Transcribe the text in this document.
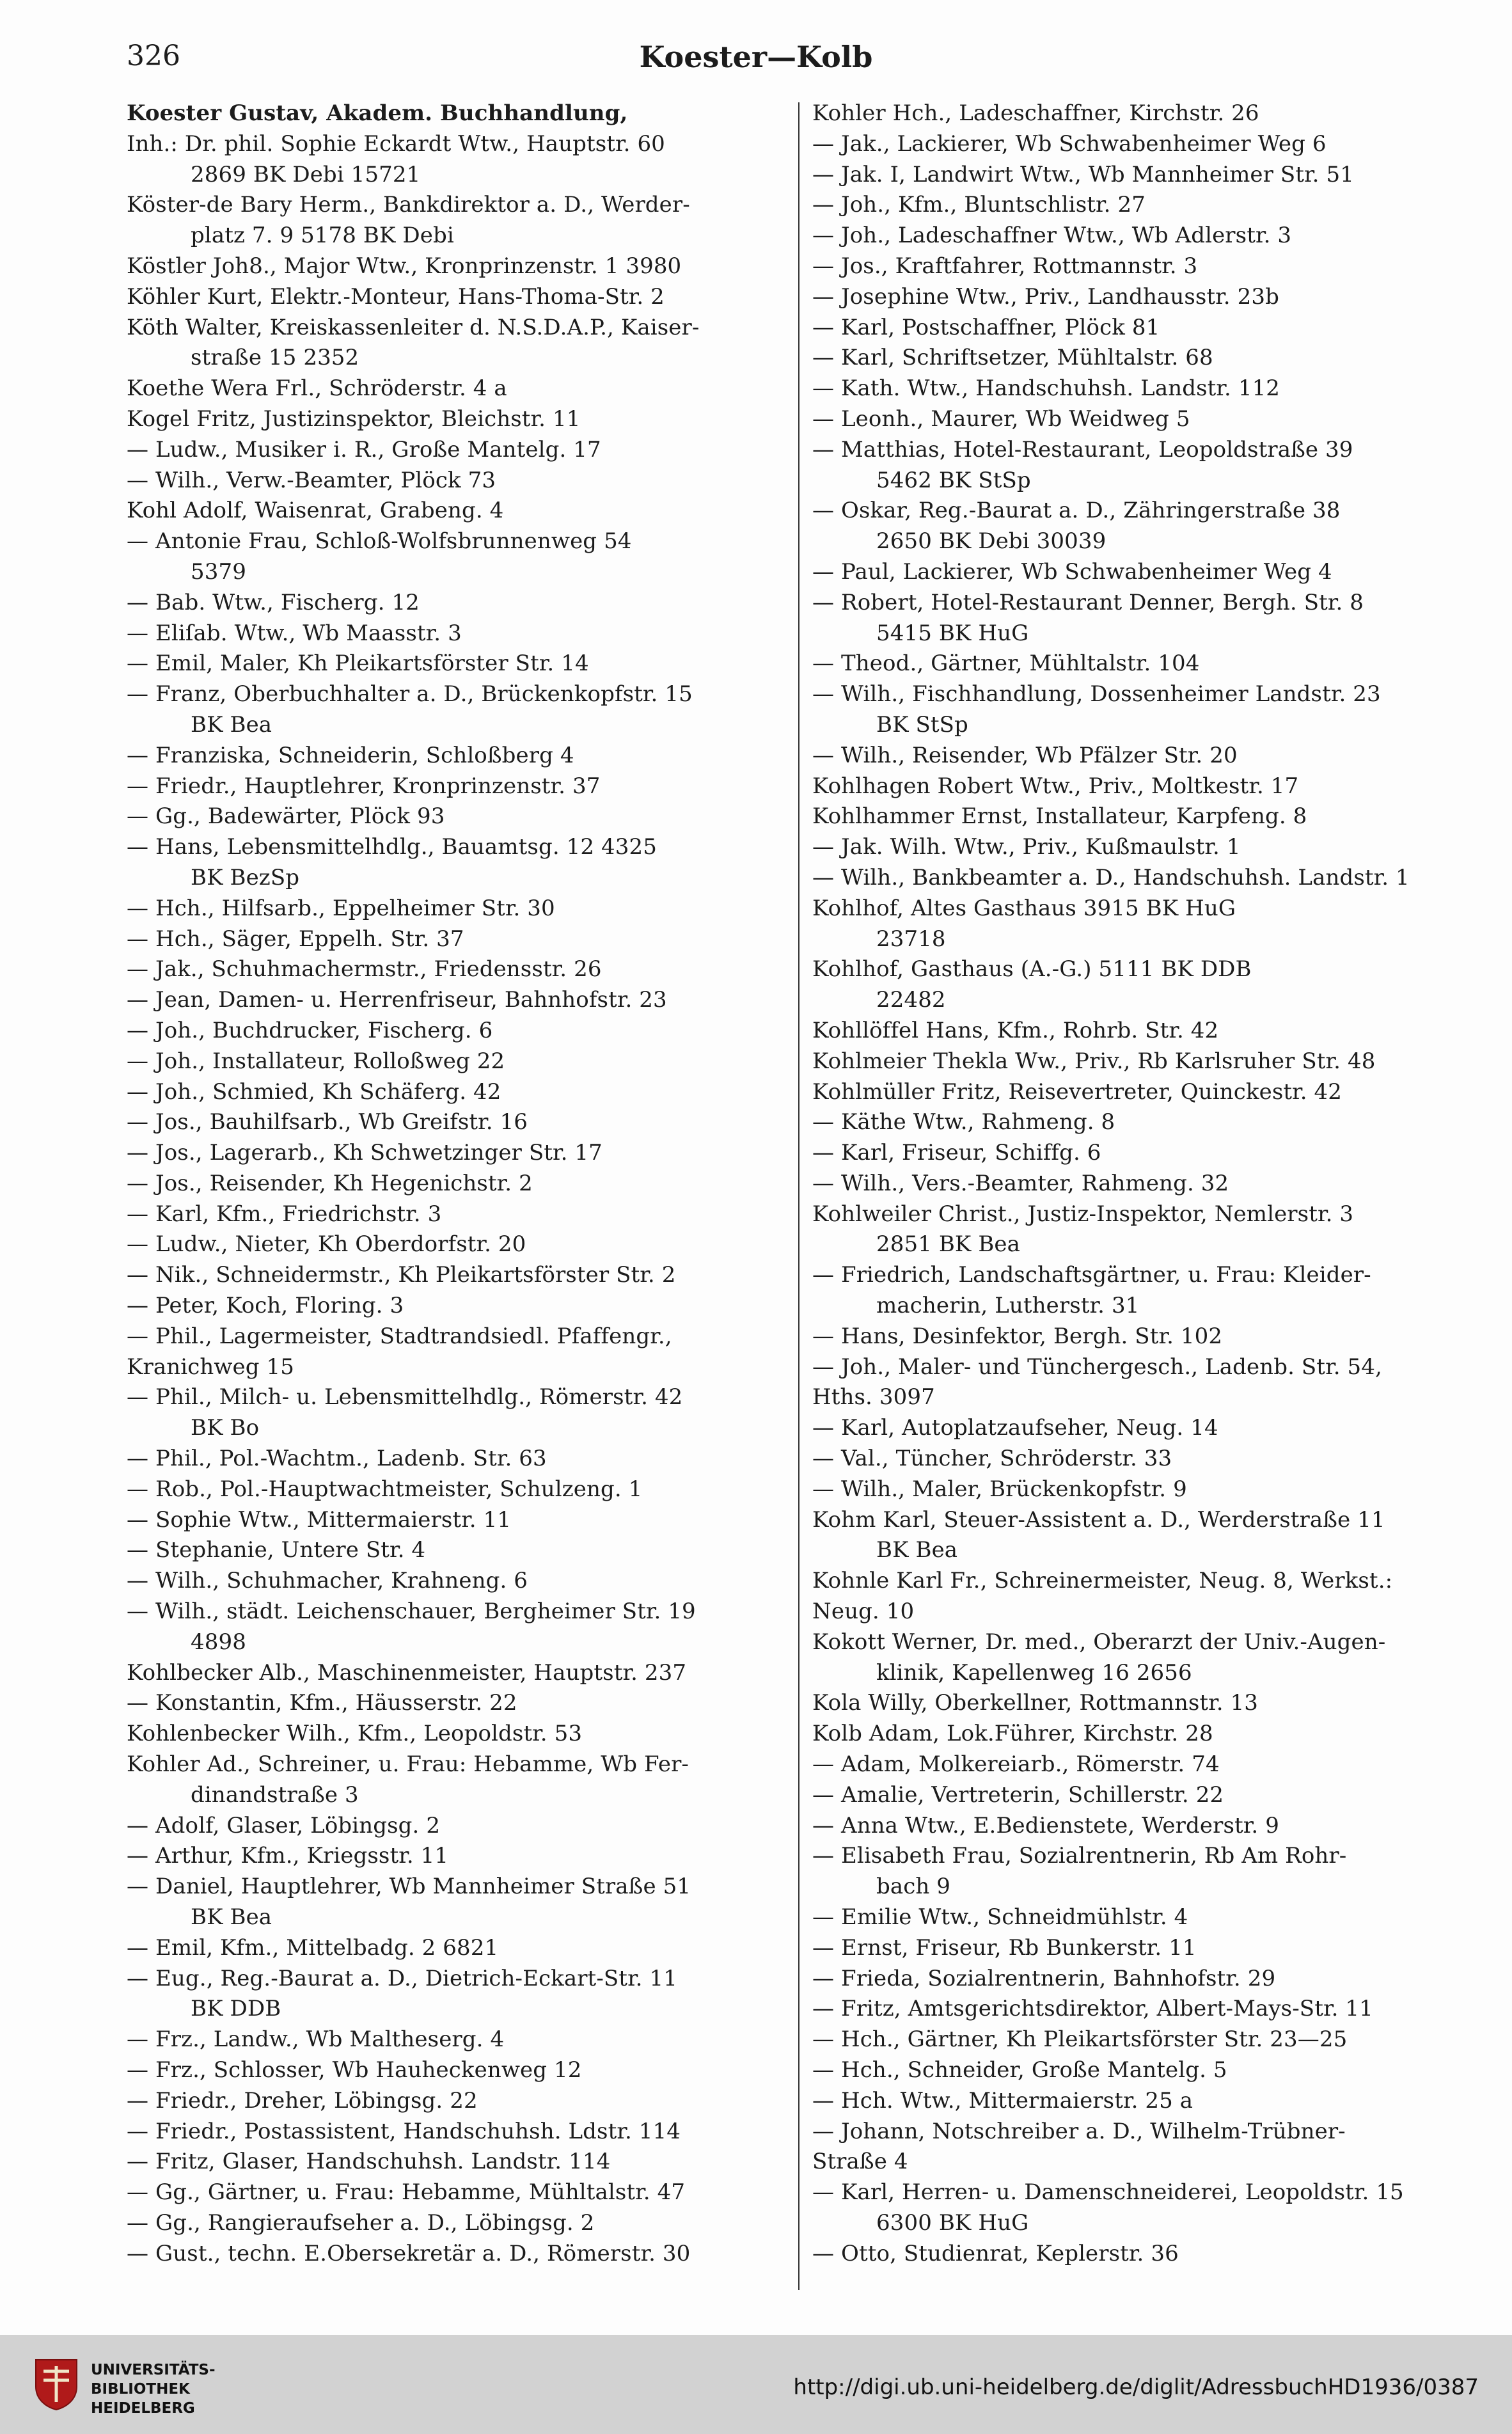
326	Koester—Kolb
Koester Gustav, Akadem. Buchhandlung,
Inh.: Dr. phil. Sophie Eckardt Wtw., Hauptstr. 60
2869 BK Debi 15721
Köster-de Bary Herm., Bankdirektor a. D., Werder-
platz 7. 9 5178 BK Debi
Köstler Joh8., Major Wtw., Kronprinzenstr. 1 3980
Köhler Kurt, Elektr.-Monteur, Hans-Thoma-Str. 2
Köth Walter, Kreiskassenleiter d. N.S.D.A.P., Kaiser-
straße 15 2352
Koethe Wera Frl., Schröderstr. 4 a
Kogel Fritz, Justizinspektor, Bleichstr. 11
— Ludw., Musiker i. R., Große Mantelg. 17
— Wilh., Verw.-Beamter, Plöck 73
Kohl Adolf, Waisenrat, Grabeng. 4
— Antonie Frau, Schloß-Wolfsbrunnenweg 54
5379
— Bab. Wtw., Fischerg. 12
— Eliſab. Wtw., Wb Maasstr. 3
— Emil, Maler, Kh Pleikartsförster Str. 14
— Franz, Oberbuchhalter a. D., Brückenkopfstr. 15
BK Bea
— Franziska, Schneiderin, Schloßberg 4
— Friedr., Hauptlehrer, Kronprinzenstr. 37
— Gg., Badewärter, Plöck 93
— Hans, Lebensmittelhdlg., Bauamtsg. 12 4325
BK BezSp
— Hch., Hilfsarb., Eppelheimer Str. 30
— Hch., Säger, Eppelh. Str. 37
— Jak., Schuhmachermstr., Friedensstr. 26
— Jean, Damen- u. Herrenfriseur, Bahnhofstr. 23
— Joh., Buchdrucker, Fischerg. 6
— Joh., Installateur, Rolloßweg 22
— Joh., Schmied, Kh Schäferg. 42
— Jos., Bauhilfsarb., Wb Greifstr. 16
— Jos., Lagerarb., Kh Schwetzinger Str. 17
— Jos., Reisender, Kh Hegenichstr. 2
— Karl, Kfm., Friedrichstr. 3
— Ludw., Nieter, Kh Oberdorfstr. 20
— Nik., Schneidermstr., Kh Pleikartsförster Str. 2
— Peter, Koch, Floring. 3
— Phil., Lagermeister, Stadtrandsiedl. Pfaffengr.,
Kranichweg 15
— Phil., Milch- u. Lebensmittelhdlg., Römerstr. 42
BK Bo
— Phil., Pol.-Wachtm., Ladenb. Str. 63
— Rob., Pol.-Hauptwachtmeister, Schulzeng. 1
— Sophie Wtw., Mittermaierstr. 11
— Stephanie, Untere Str. 4
— Wilh., Schuhmacher, Krahneng. 6
— Wilh., städt. Leichenschauer, Bergheimer Str. 19
4898
Kohlbecker Alb., Maschinenmeister, Hauptstr. 237
— Konstantin, Kfm., Häusserstr. 22
Kohlenbecker Wilh., Kfm., Leopoldstr. 53
Kohler Ad., Schreiner, u. Frau: Hebamme, Wb Fer-
dinandstraße 3
— Adolf, Glaser, Löbingsg. 2
— Arthur, Kfm., Kriegsstr. 11
— Daniel, Hauptlehrer, Wb Mannheimer Straße 51
BK Bea
— Emil, Kfm., Mittelbadg. 2 6821
— Eug., Reg.-Baurat a. D., Dietrich-Eckart-Str. 11
BK DDB
— Frz., Landw., Wb Maltheserg. 4
— Frz., Schlosser, Wb Hauheckenweg 12
— Friedr., Dreher, Löbingsg. 22
— Friedr., Postassistent, Handschuhsh. Ldstr. 114
— Fritz, Glaser, Handschuhsh. Landstr. 114
— Gg., Gärtner, u. Frau: Hebamme, Mühltalstr. 47
— Gg., Rangieraufseher a. D., Löbingsg. 2
— Gust., techn. E.Obersekretär a. D., Römerstr. 30
Kohler Hch., Ladeschaffner, Kirchstr. 26
— Jak., Lackierer, Wb Schwabenheimer Weg 6
— Jak. I, Landwirt Wtw., Wb Mannheimer Str. 51
— Joh., Kfm., Bluntschlistr. 27
— Joh., Ladeschaffner Wtw., Wb Adlerstr. 3
— Jos., Kraftfahrer, Rottmannstr. 3
— Josephine Wtw., Priv., Landhausstr. 23b
— Karl, Postschaffner, Plöck 81
— Karl, Schriftsetzer, Mühltalstr. 68
— Kath. Wtw., Handschuhsh. Landstr. 112
— Leonh., Maurer, Wb Weidweg 5
— Matthias, Hotel-Restaurant, Leopoldstraße 39
5462 BK StSp
— Oskar, Reg.-Baurat a. D., Zähringerstraße 38
2650 BK Debi 30039
— Paul, Lackierer, Wb Schwabenheimer Weg 4
— Robert, Hotel-Restaurant Denner, Bergh. Str. 8
5415 BK HuG
— Theod., Gärtner, Mühltalstr. 104
— Wilh., Fischhandlung, Dossenheimer Landstr. 23
BK StSp
— Wilh., Reisender, Wb Pfälzer Str. 20
Kohlhagen Robert Wtw., Priv., Moltkestr. 17
Kohlhammer Ernst, Installateur, Karpfeng. 8
— Jak. Wilh. Wtw., Priv., Kußmaulstr. 1
— Wilh., Bankbeamter a. D., Handschuhsh. Landstr. 1
Kohlhof, Altes Gasthaus 3915 BK HuG
23718
Kohlhof, Gasthaus (A.-G.) 5111 BK DDB
22482
Kohllöffel Hans, Kfm., Rohrb. Str. 42
Kohlmeier Thekla Ww., Priv., Rb Karlsruher Str. 48
Kohlmüller Fritz, Reisevertreter, Quinckestr. 42
— Käthe Wtw., Rahmeng. 8
— Karl, Friseur, Schiffg. 6
— Wilh., Vers.-Beamter, Rahmeng. 32
Kohlweiler Christ., Justiz-Inspektor, Nemlerstr. 3
2851 BK Bea
— Friedrich, Landschaftsgärtner, u. Frau: Kleider-
macherin, Lutherstr. 31
— Hans, Desinfektor, Bergh. Str. 102
— Joh., Maler- und Tünchergesch., Ladenb. Str. 54,
Hths. 3097
— Karl, Autoplatzaufseher, Neug. 14
— Val., Tüncher, Schröderstr. 33
— Wilh., Maler, Brückenkopfstr. 9
Kohm Karl, Steuer-Assistent a. D., Werderstraße 11
BK Bea
Kohnle Karl Fr., Schreinermeister, Neug. 8, Werkst.:
Neug. 10
Kokott Werner, Dr. med., Oberarzt der Univ.-Augen-
klinik, Kapellenweg 16 2656
Kola Willy, Oberkellner, Rottmannstr. 13
Kolb Adam, Lok.Führer, Kirchstr. 28
— Adam, Molkereiarb., Römerstr. 74
— Amalie, Vertreterin, Schillerstr. 22
— Anna Wtw., E.Bedienstete, Werderstr. 9
— Elisabeth Frau, Sozialrentnerin, Rb Am Rohr-
bach 9
— Emilie Wtw., Schneidmühlstr. 4
— Ernst, Friseur, Rb Bunkerstr. 11
— Frieda, Sozialrentnerin, Bahnhofstr. 29
— Fritz, Amtsgerichtsdirektor, Albert-Mays-Str. 11
— Hch., Gärtner, Kh Pleikartsförster Str. 23—25
— Hch., Schneider, Große Mantelg. 5
— Hch. Wtw., Mittermaierstr. 25 a
— Johann, Notschreiber a. D., Wilhelm-Trübner-
Straße 4
— Karl, Herren- u. Damenschneiderei, Leopoldstr. 15
6300 BK HuG
— Otto, Studienrat, Keplerstr. 36
UNIVERSITÄTS-
BIBLIOTHEK
HEIDELBERG
http://digi.ub.uni-heidelberg.de/diglit/AdressbuchHD1936/0387
